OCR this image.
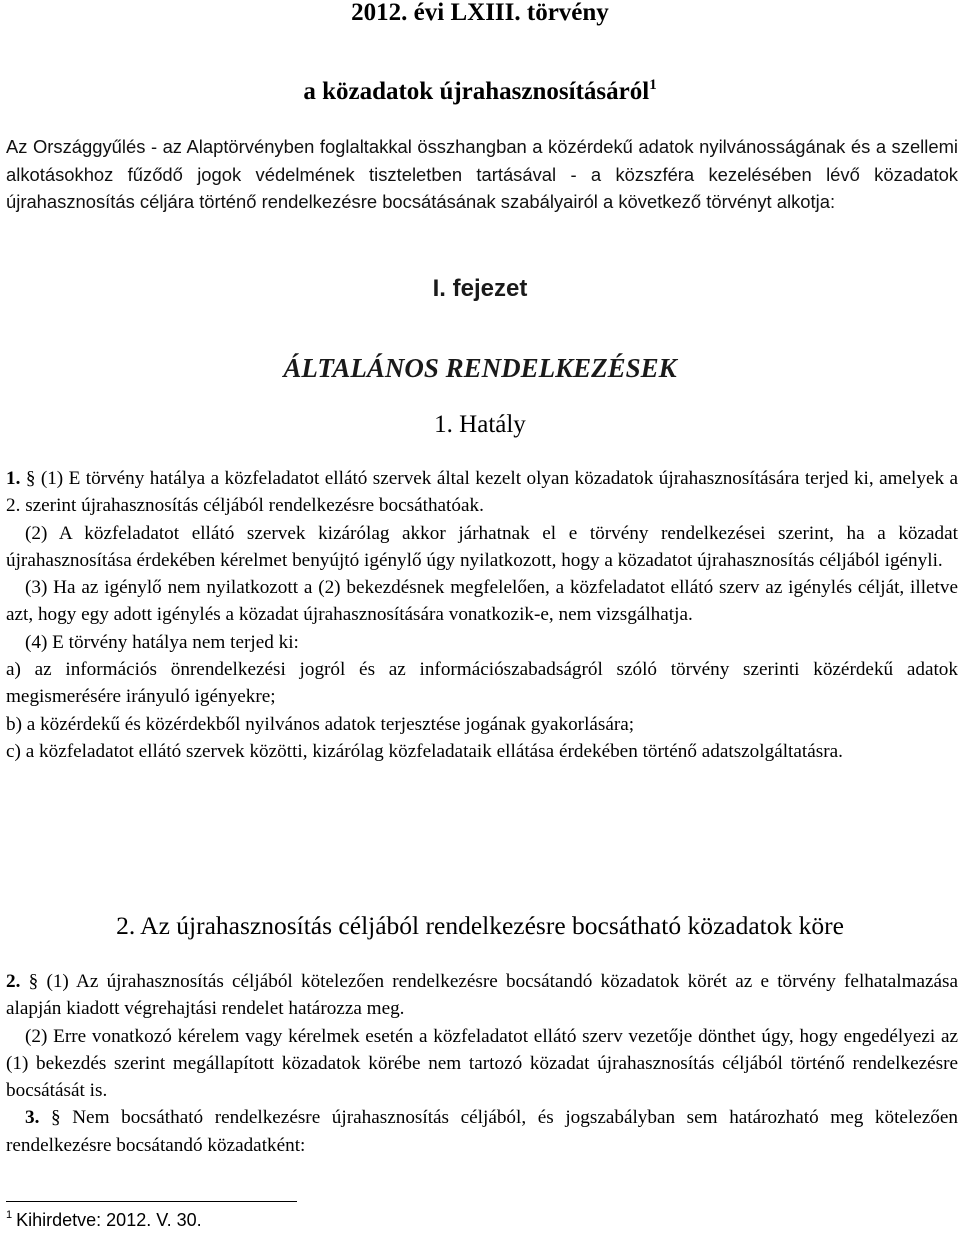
2012. évi LXIII. törvény
a közadatok újrahasznosításáról$^1$

Az Országgyűlés - az Alaptörvényben foglaltakkal összhangban a közérdekű adatok nyilvánosságának és a szellemi alkotásokhoz fűződő jogok védelmének tiszteletben tartásával - a közszféra kezelésében lévő közadatok újrahasznosítás céljára történő rendelkezésre bocsátásának szabályairól a következő törvényt alkotja:

I. fejezet
ÁLTALÁNOS RENDELKEZÉSEK
1. Hatály

1. § (1) E törvény hatálya a közfeladatot ellátó szervek által kezelt olyan közadatok újrahasznosítására terjed ki, amelyek a 2. szerint újrahasznosítás céljából rendelkezésre bocsáthatóak.

(2) A közfeladatot ellátó szervek kizárólag akkor járhatnak el e törvény rendelkezései szerint, ha a közadat újrahasznosítása érdekében kérelmet benyújtó igénylő úgy nyilatkozott, hogy a közadatot újrahasznosítás céljából igényli.

(3) Ha az igénylő nem nyilatkozott a (2) bekezdésnek megfelelően, a közfeladatot ellátó szerv az igénylés célját, illetve azt, hogy egy adott igénylés a közadat újrahasznosítására vonatkozik-e, nem vizsgálhatja.

(4) E törvény hatálya nem terjed ki:

a) az információs önrendelkezési jogról és az információszabadságról szóló törvény szerinti közérdekű adatok megismerésére irányuló igényekre;

b) a közérdekű és közérdekből nyilvános adatok terjesztése jogának gyakorlására;

c) a közfeladatot ellátó szervek közötti, kizárólag közfeladataik ellátása érdekében történő adatszolgáltatásra.

2. Az újrahasznosítás céljából rendelkezésre bocsátható közadatok köre

2. § (1) Az újrahasznosítás céljából kötelezően rendelkezésre bocsátandó közadatok körét az e törvény felhatalmazása alapján kiadott végrehajtási rendelet határozza meg.

(2) Erre vonatkozó kérelem vagy kérelmek esetén a közfeladatot ellátó szerv vezetője dönthet úgy, hogy engedélyezi az (1) bekezdés szerint megállapított közadatok körébe nem tartozó közadat újrahasznosítás céljából történő rendelkezésre bocsátását is.

3. § Nem bocsátható rendelkezésre újrahasznosítás céljából, és jogszabályban sem határozható meg kötelezően rendelkezésre bocsátandó közadatként:

$^1$ Kihirdetve: 2012. V. 30.
